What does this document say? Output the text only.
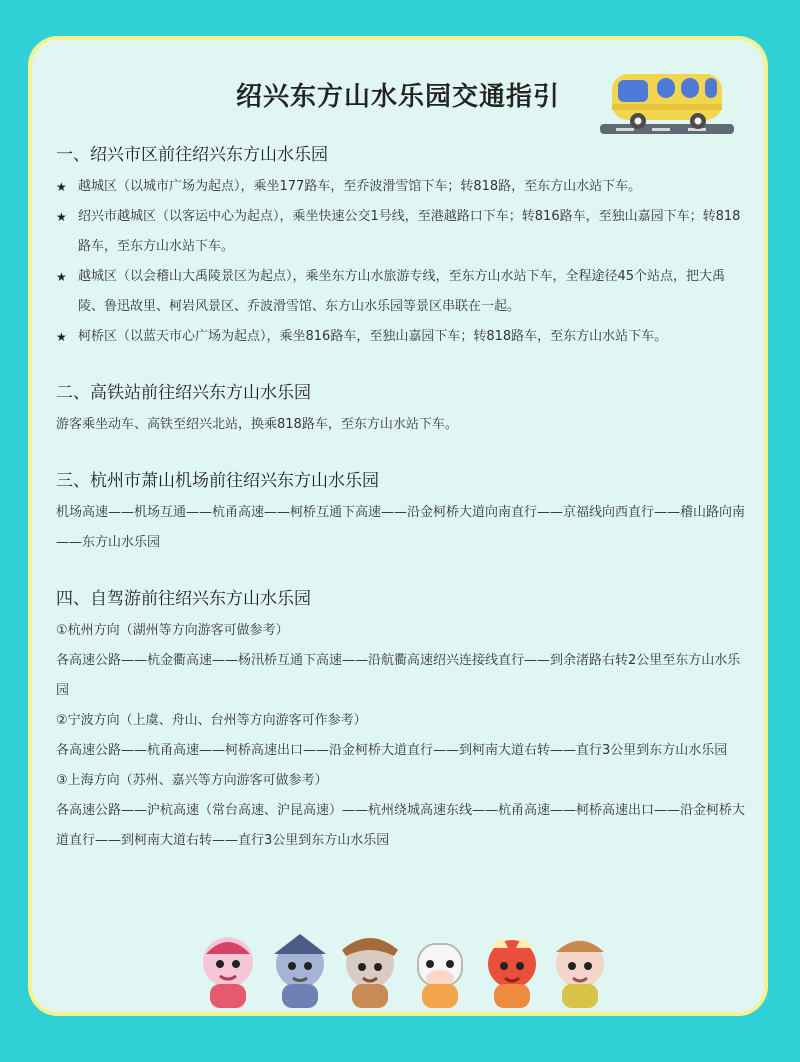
绍兴东方山水乐园交通指引
一、绍兴市区前往绍兴东方山水乐园
★ 越城区（以城市广场为起点），乘坐177路车，至乔波滑雪馆下车；转818路，至东方山水站下车。
★ 绍兴市越城区（以客运中心为起点），乘坐快速公交1号线，至港越路口下车；转816路车，至独山嘉园下车；转818路车，至东方山水站下车。
★ 越城区（以会稽山大禹陵景区为起点），乘坐东方山水旅游专线，至东方山水站下车，全程途径45个站点，把大禹陵、鲁迅故里、柯岩风景区、乔波滑雪馆、东方山水乐园等景区串联在一起。
★ 柯桥区（以蓝天市心广场为起点），乘坐816路车，至独山嘉园下车；转818路车，至东方山水站下车。
二、高铁站前往绍兴东方山水乐园
游客乘坐动车、高铁至绍兴北站，换乘818路车，至东方山水站下车。
三、杭州市萧山机场前往绍兴东方山水乐园
机场高速——机场互通——杭甬高速——柯桥互通下高速——沿金柯桥大道向南直行——京福线向西直行——稽山路向南——东方山水乐园
四、自驾游前往绍兴东方山水乐园
①杭州方向（湖州等方向游客可做参考）
各高速公路——杭金衢高速——杨汛桥互通下高速——沿航衢高速绍兴连接线直行——到余渚路右转2公里至东方山水乐园
②宁波方向（上虞、舟山、台州等方向游客可作参考）
各高速公路——杭甬高速——柯桥高速出口——沿金柯桥大道直行——到柯南大道右转——直行3公里到东方山水乐园
③上海方向（苏州、嘉兴等方向游客可做参考）
各高速公路——沪杭高速（常台高速、沪昆高速）——杭州绕城高速东线——杭甬高速——柯桥高速出口——沿金柯桥大道直行——到柯南大道右转——直行3公里到东方山水乐园
